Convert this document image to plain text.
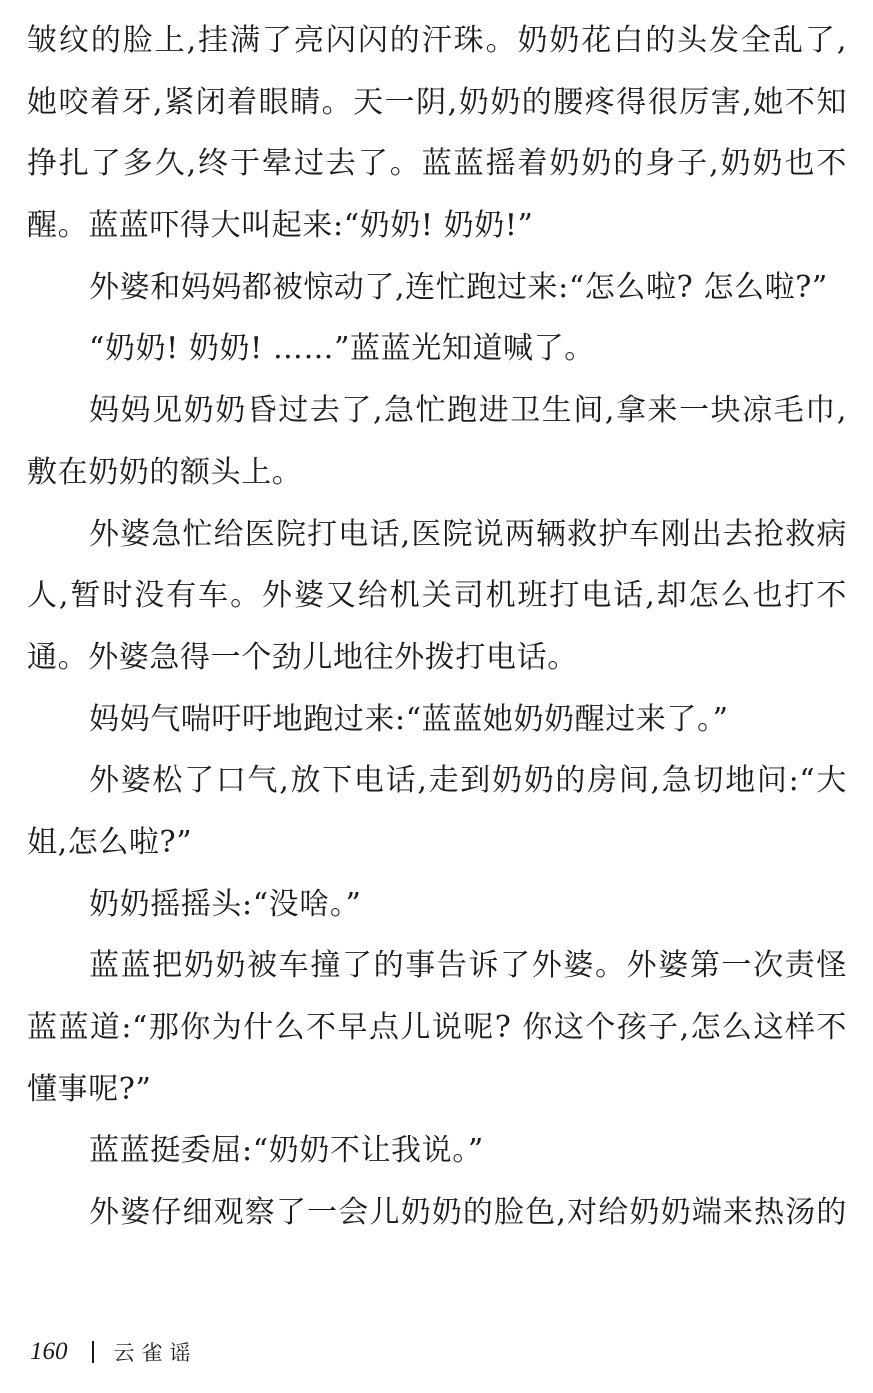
皱纹的脸上,挂满了亮闪闪的汗珠。奶奶花白的头发全乱了,
她咬着牙,紧闭着眼睛。天一阴,奶奶的腰疼得很厉害,她不知
挣扎了多久,终于晕过去了。蓝蓝摇着奶奶的身子,奶奶也不
醒。蓝蓝吓得大叫起来:“奶奶! 奶奶!”
外婆和妈妈都被惊动了,连忙跑过来:“怎么啦? 怎么啦?”
“奶奶! 奶奶! ……”蓝蓝光知道喊了。
妈妈见奶奶昏过去了,急忙跑进卫生间,拿来一块凉毛巾,
敷在奶奶的额头上。
外婆急忙给医院打电话,医院说两辆救护车刚出去抢救病
人,暂时没有车。外婆又给机关司机班打电话,却怎么也打不
通。外婆急得一个劲儿地往外拨打电话。
妈妈气喘吁吁地跑过来:“蓝蓝她奶奶醒过来了。”
外婆松了口气,放下电话,走到奶奶的房间,急切地问:“大
姐,怎么啦?”
奶奶摇摇头:“没啥。”
蓝蓝把奶奶被车撞了的事告诉了外婆。外婆第一次责怪
蓝蓝道:“那你为什么不早点儿说呢? 你这个孩子,怎么这样不
懂事呢?”
蓝蓝挺委屈:“奶奶不让我说。”
外婆仔细观察了一会儿奶奶的脸色,对给奶奶端来热汤的
160 云雀谣
